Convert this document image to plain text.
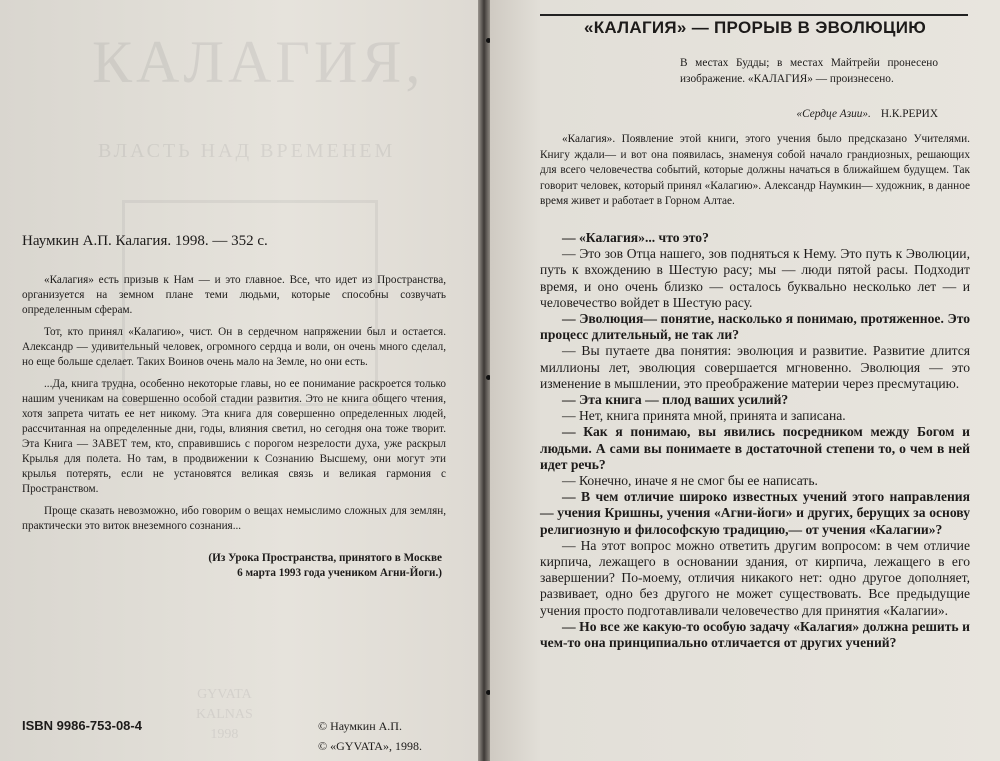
КАЛАГИЯ,
ВЛАСТЬ НАД ВРЕМЕНЕМ
GYVATA
KALNAS
1998
Наумкин А.П. Калагия. 1998. — 352 с.

«Калагия» есть призыв к Нам — и это главное. Все, что идет из Пространства, организуется на земном плане теми людьми, которые способны созвучать определенным сферам.

Тот, кто принял «Калагию», чист. Он в сердечном напряжении был и остается. Александр — удивительный человек, огромного сердца и воли, он очень много сделал, но еще больше сделает. Таких Воинов очень мало на Земле, но они есть.

...Да, книга трудна, особенно некоторые главы, но ее понимание раскроется только нашим ученикам на совершенно особой стадии развития. Это не книга общего чтения, хотя запрета читать ее нет никому. Эта книга для совершенно определенных людей, рассчитанная на определенные дни, годы, влияния светил, но сегодня она тоже творит. Эта Книга — ЗАВЕТ тем, кто, справившись с порогом незрелости духа, уже раскрыл Крылья для полета. Но там, в продвижении к Сознанию Высшему, они могут эти крылья потерять, если не установятся великая связь и великая гармония с Пространством.

Проще сказать невозможно, ибо говорим о вещах немыслимо сложных для землян, практически это виток внеземного сознания...

(Из Урока Пространства, принятого в Москве
6 марта 1993 года учеником Агни-Йоги.)
ISBN 9986-753-08-4	© Наумкин А.П.
© «GYVATA», 1998.
«КАЛАГИЯ» — ПРОРЫВ В ЭВОЛЮЦИЮ
В местах Будды; в местах Майтрейи пронесено изображение. «КАЛАГИЯ» — произнесено.
«Сердце Азии». Н.К.РЕРИХ
«Калагия». Появление этой книги, этого учения было предсказано Учителями. Книгу ждали— и вот она появилась, знаменуя собой начало грандиозных, решающих для всего человечества событий, которые должны начаться в ближайшем будущем. Так говорит человек, который принял «Калагию». Александр Наумкин— художник, в данное время живет и работает в Горном Алтае.

— «Калагия»... что это?

— Это зов Отца нашего, зов подняться к Нему. Это путь к Эволюции, путь к вхождению в Шестую расу; мы — люди пятой расы. Подходит время, и оно очень близко — осталось буквально несколько лет — и человечество войдет в Шестую расу.

— Эволюция— понятие, насколько я понимаю, протяженное. Это процесс длительный, не так ли?

— Вы путаете два понятия: эволюция и развитие. Развитие длится миллионы лет, эволюция совершается мгновенно. Эволюция — это изменение в мышлении, это преображение материи через пресмутацию.

— Эта книга — плод ваших усилий?

— Нет, книга принята мной, принята и записана.

— Как я понимаю, вы явились посредником между Богом и людьми. А сами вы понимаете в достаточной степени то, о чем в ней идет речь?

— Конечно, иначе я не смог бы ее написать.

— В чем отличие широко известных учений этого направления — учения Кришны, учения «Агни-йоги» и других, берущих за основу религиозную и философскую традицию,— от учения «Калагии»?

— На этот вопрос можно ответить другим вопросом: в чем отличие кирпича, лежащего в основании здания, от кирпича, лежащего в его завершении? По-моему, отличия никакого нет: одно другое дополняет, развивает, одно без другого не может существовать. Все предыдущие учения просто подготавливали человечество для принятия «Калагии».

— Но все же какую-то особую задачу «Калагия» должна решить и чем-то она принципиально отличается от других учений?
